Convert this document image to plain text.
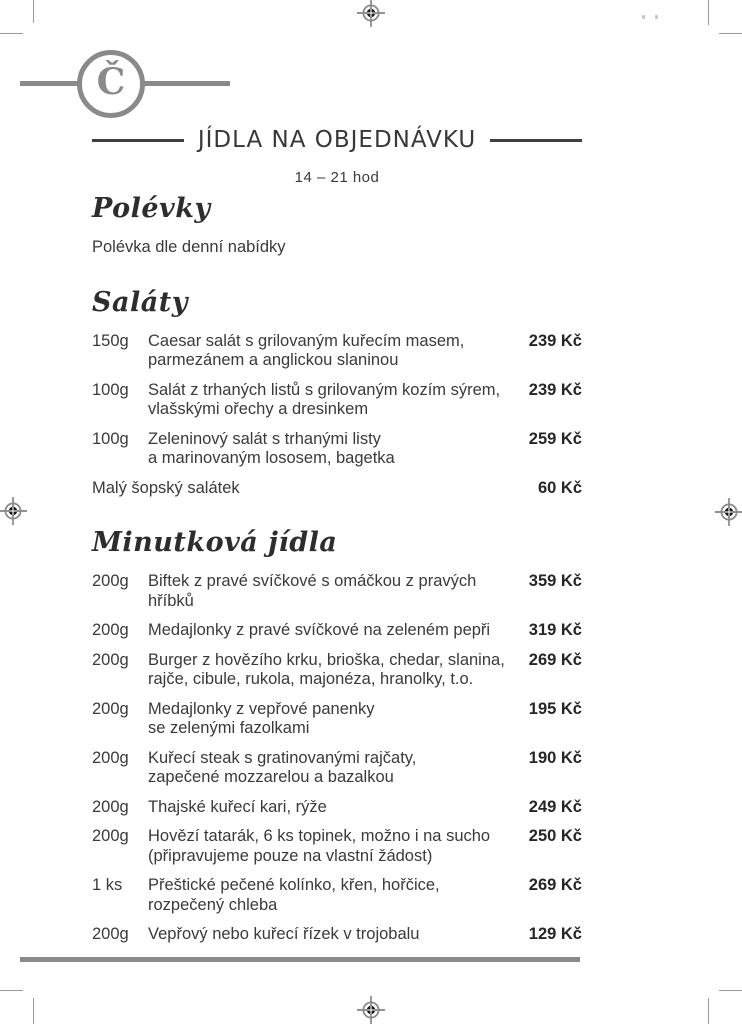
Č
JÍDLA NA OBJEDNÁVKU
14 – 21 hod
Polévky
Polévka dle denní nabídky
Saláty
150g	Caesar salát s grilovaným kuřecím masem,
parmezánem a anglickou slaninou
239 Kč
100g	Salát z trhaných listů s grilovaným kozím sýrem,
vlašskými ořechy a dresinkem
239 Kč
100g	Zeleninový salát s trhanými listy
a marinovaným lososem, bagetka
259 Kč
Malý šopský salátek	60 Kč
Minutková jídla
200g	Biftek z pravé svíčkové s omáčkou z pravých hříbků
359 Kč
200g	Medajlonky z pravé svíčkové na zeleném pepři	319 Kč
200g	Burger z hovězího krku, brioška, chedar, slanina,
rajče, cibule, rukola, majonéza, hranolky, t.o.
269 Kč
200g	Medajlonky z vepřové panenky
se zelenými fazolkami
195 Kč
200g	Kuřecí steak s gratinovanými rajčaty,
zapečené mozzarelou a bazalkou
190 Kč
200g	Thajské kuřecí kari, rýže	249 Kč
200g	Hovězí tatarák, 6 ks topinek, možno i na sucho
(připravujeme pouze na vlastní žádost)
250 Kč
1 ks	Přeštické pečené kolínko, křen, hořčice,
rozpečený chleba
269 Kč
200g	Vepřový nebo kuřecí řízek v trojobalu	129 Kč
